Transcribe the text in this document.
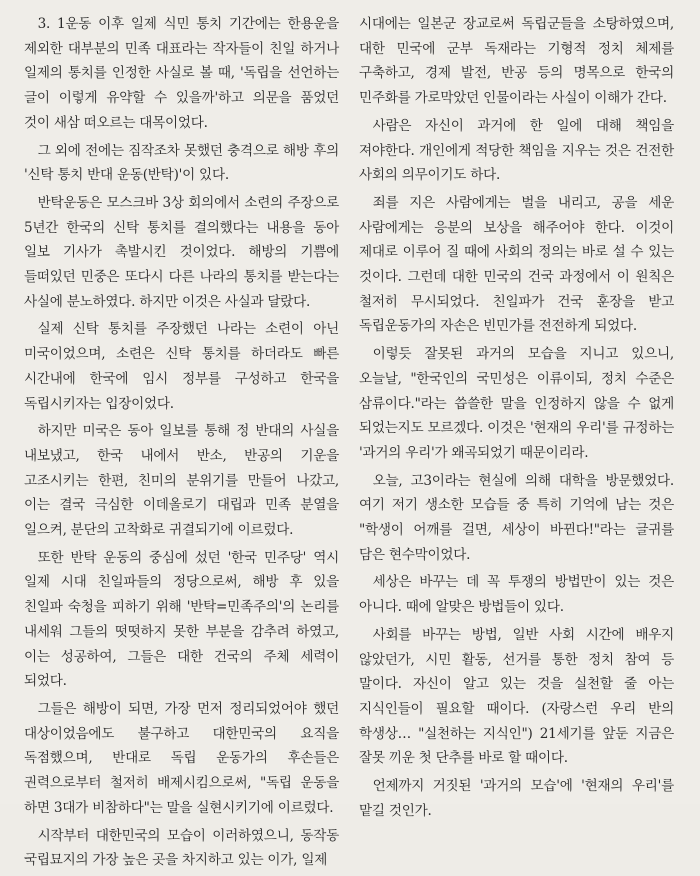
3. 1운동 이후 일제 식민 통치 기간에는 한용운을 제외한 대부분의 민족 대표라는 작자들이 친일 하거나 일제의 통치를 인정한 사실로 볼 때, '독립을 선언하는 글이 이렇게 유약할 수 있을까'하고 의문을 품었던 것이 새삼 떠오르는 대목이었다.

그 외에 전에는 짐작조차 못했던 충격으로 해방 후의 '신탁 통치 반대 운동(반탁)'이 있다.

반탁운동은 모스크바 3상 회의에서 소련의 주장으로 5년간 한국의 신탁 통치를 결의했다는 내용을 동아 일보 기사가 촉발시킨 것이었다. 해방의 기쁨에 들떠있던 민중은 또다시 다른 나라의 통치를 받는다는 사실에 분노하였다. 하지만 이것은 사실과 달랐다.

실제 신탁 통치를 주장했던 나라는 소련이 아닌 미국이었으며, 소련은 신탁 통치를 하더라도 빠른 시간내에 한국에 임시 정부를 구성하고 한국을 독립시키자는 입장이었다.

하지만 미국은 동아 일보를 통해 정 반대의 사실을 내보냈고, 한국 내에서 반소, 반공의 기운을 고조시키는 한편, 친미의 분위기를 만들어 나갔고, 이는 결국 극심한 이데올로기 대립과 민족 분열을 일으켜, 분단의 고착화로 귀결되기에 이르렀다.

또한 반탁 운동의 중심에 섰던 '한국 민주당' 역시 일제 시대 친일파들의 정당으로써, 해방 후 있을 친일파 숙청을 피하기 위해 '반탁=민족주의'의 논리를 내세워 그들의 떳떳하지 못한 부분을 감추려 하였고, 이는 성공하여, 그들은 대한 건국의 주체 세력이 되었다.

그들은 해방이 되면, 가장 먼저 정리되었어야 했던 대상이었음에도 불구하고 대한민국의 요직을 독점했으며, 반대로 독립 운동가의 후손들은 권력으로부터 철저히 배제시킴으로써, "독립 운동을 하면 3대가 비참하다"는 말을 실현시키기에 이르렀다.

시작부터 대한민국의 모습이 이러하였으니, 동작동 국립묘지의 가장 높은 곳을 차지하고 있는 이가, 일제

시대에는 일본군 장교로써 독립군들을 소탕하였으며, 대한 민국에 군부 독재라는 기형적 정치 체제를 구축하고, 경제 발전, 반공 등의 명목으로 한국의 민주화를 가로막았던 인물이라는 사실이 이해가 간다.

사람은 자신이 과거에 한 일에 대해 책임을 져야한다. 개인에게 적당한 책임을 지우는 것은 건전한 사회의 의무이기도 하다.

죄를 지은 사람에게는 벌을 내리고, 공을 세운 사람에게는 응분의 보상을 해주어야 한다. 이것이 제대로 이루어 질 때에 사회의 정의는 바로 설 수 있는 것이다. 그런데 대한 민국의 건국 과정에서 이 원칙은 철저히 무시되었다. 친일파가 건국 훈장을 받고 독립운동가의 자손은 빈민가를 전전하게 되었다.

이렇듯 잘못된 과거의 모습을 지니고 있으니, 오늘날, "한국인의 국민성은 이류이되, 정치 수준은 삼류이다."라는 씁쓸한 말을 인정하지 않을 수 없게 되었는지도 모르겠다. 이것은 '현재의 우리'를 규정하는 '과거의 우리'가 왜곡되었기 때문이리라.

오늘, 고3이라는 현실에 의해 대학을 방문했었다. 여기 저기 생소한 모습들 중 특히 기억에 남는 것은 "학생이 어깨를 걸면, 세상이 바뀐다!"라는 글귀를 담은 현수막이었다.

세상은 바꾸는 데 꼭 투쟁의 방법만이 있는 것은 아니다. 때에 알맞은 방법들이 있다.

사회를 바꾸는 방법, 일반 사회 시간에 배우지 않았던가, 시민 활동, 선거를 통한 정치 참여 등 말이다. 자신이 알고 있는 것을 실천할 줄 아는 지식인들이 필요할 때이다. (자랑스런 우리 반의 학생상… "실천하는 지식인") 21세기를 앞둔 지금은 잘못 끼운 첫 단추를 바로 할 때이다.

언제까지 거짓된 '과거의 모습'에 '현재의 우리'를 맡길 것인가.
